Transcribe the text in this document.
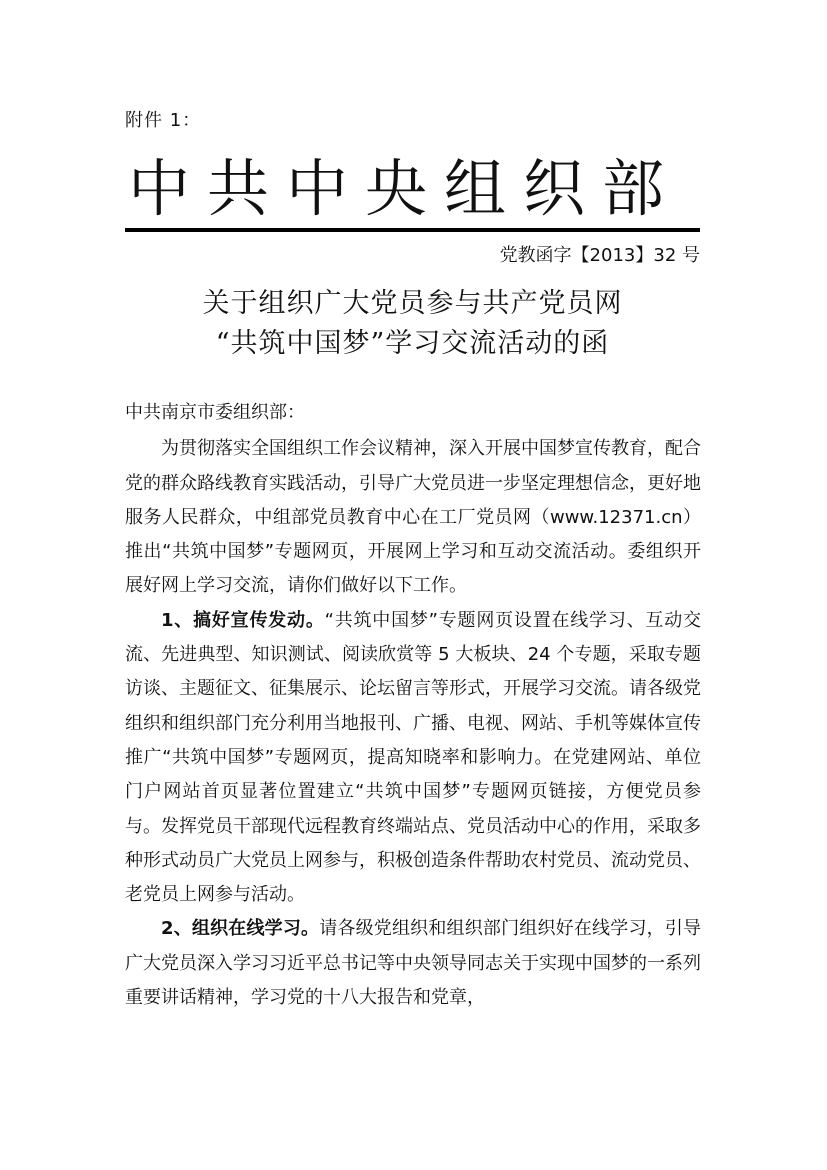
附件 1：
中共中央组织部
党教函字【2013】32 号
关于组织广大党员参与共产党员网
“共筑中国梦”学习交流活动的函

中共南京市委组织部：

为贯彻落实全国组织工作会议精神，深入开展中国梦宣传教育，配合党的群众路线教育实践活动，引导广大党员进一步坚定理想信念，更好地服务人民群众，中组部党员教育中心在工厂党员网（www.12371.cn）推出“共筑中国梦”专题网页，开展网上学习和互动交流活动。委组织开展好网上学习交流，请你们做好以下工作。

1、搞好宣传发动。“共筑中国梦”专题网页设置在线学习、互动交流、先进典型、知识测试、阅读欣赏等 5 大板块、24 个专题，采取专题访谈、主题征文、征集展示、论坛留言等形式，开展学习交流。请各级党组织和组织部门充分利用当地报刊、广播、电视、网站、手机等媒体宣传推广“共筑中国梦”专题网页，提高知晓率和影响力。在党建网站、单位门户网站首页显著位置建立“共筑中国梦”专题网页链接，方便党员参与。发挥党员干部现代远程教育终端站点、党员活动中心的作用，采取多种形式动员广大党员上网参与，积极创造条件帮助农村党员、流动党员、老党员上网参与活动。

2、组织在线学习。请各级党组织和组织部门组织好在线学习，引导广大党员深入学习习近平总书记等中央领导同志关于实现中国梦的一系列重要讲话精神，学习党的十八大报告和党章，
